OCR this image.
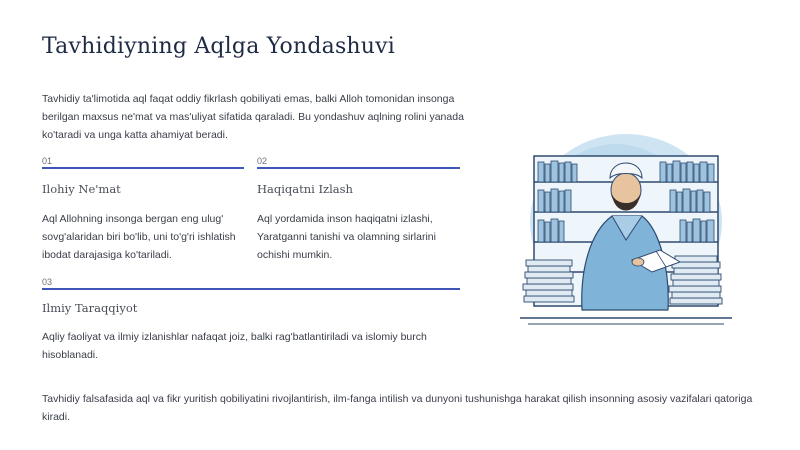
Tavhidiyning Aqlga Yondashuvi
Tavhidiy ta'limotida aql faqat oddiy fikrlash qobiliyati emas, balki Alloh tomonidan insonga berilgan maxsus ne'mat va mas'uliyat sifatida qaraladi. Bu yondashuv aqlning rolini yanada ko'taradi va unga katta ahamiyat beradi.
01
Ilohiy Ne'mat
Aql Allohning insonga bergan eng ulug' sovg'alaridan biri bo'lib, uni to'g'ri ishlatish ibodat darajasiga ko'tariladi.
02
Haqiqatni Izlash
Aql yordamida inson haqiqatni izlashi, Yaratganni tanishi va olamning sirlarini ochishi mumkin.
03
Ilmiy Taraqqiyot
Aqliy faoliyat va ilmiy izlanishlar nafaqat joiz, balki rag'batlantiriladi va islomiy burch hisoblanadi.
Tavhidiy falsafasida aql va fikr yuritish qobiliyatini rivojlantirish, ilm-fanga intilish va dunyoni tushunishga harakat qilish insonning asosiy vazifalari qatoriga kiradi.
